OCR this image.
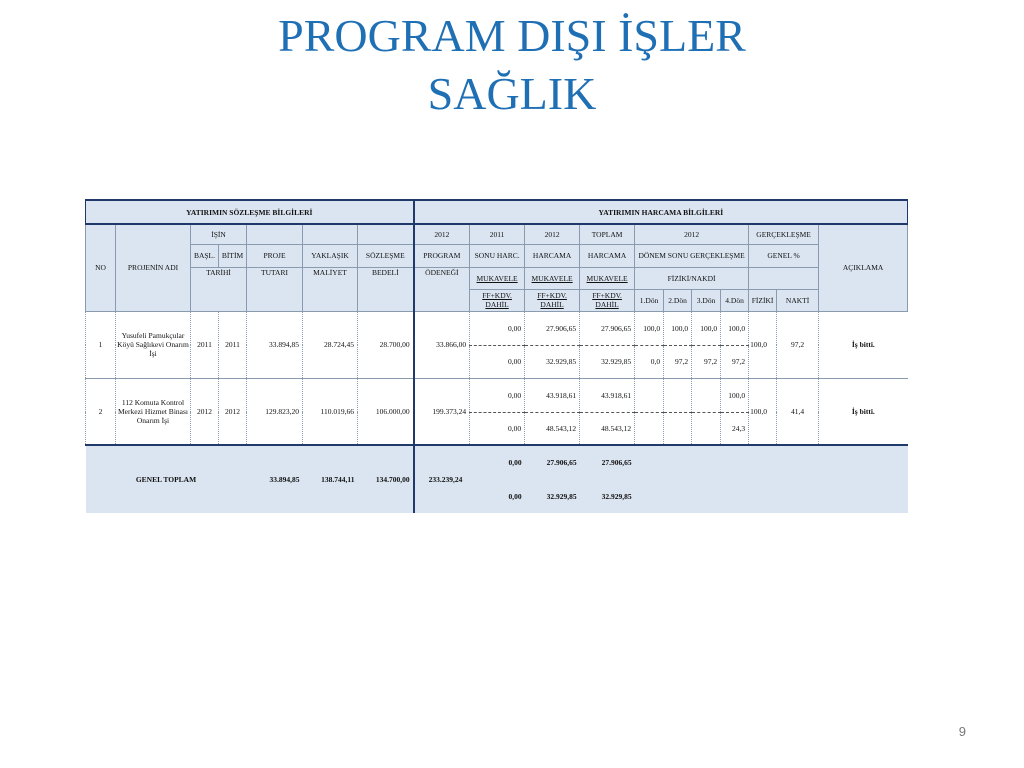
PROGRAM DIŞI İŞLER
SAĞLIK
YATIRIMIN SÖZLEŞME BİLGİLERİ							YATIRIMIN HARCAMA BİLGİLERİ										
NO	PROJENİN ADI	İŞİN					2012	2011	2012	TOPLAM	2012				GERÇEKLEŞME		AÇIKLAMA
		BAŞL.	BİTİM	PROJE	YAKLAŞIK	SÖZLEŞME	PROGRAM	SONU HARC.	HARCAMA	HARCAMA	DÖNEM SONU GERÇEKLEŞME				GENEL %		
		TARİHİ		TUTARI	MALİYET	BEDELİ	ÖDENEĞİ	MUKAVELE	MUKAVELE	MUKAVELE	FİZİKİ/NAKDİ						
								FF+KDV. DAHİL	FF+KDV. DAHİL	FF+KDV. DAHİL	1.Dön	2.Dön	3.Dön	4.Dön	FİZİKİ	NAKTİ	
1	Yusufeli Pamukçular Köyü Sağlıkevi Onarım İşi	2011	2011	33.894,85	28.724,45	28.700,00	33.866,00	0,00	27.906,65	27.906,65	100,0	100,0	100,0	100,0	100,0	97,2	İş bitti.
								0,00	32.929,85	32.929,85	0,0	97,2	97,2	97,2			
2	112 Komuta Kontrol Merkezi Hizmet Binası Onarım İşi	2012	2012	129.823,20	110.019,66	106.000,00	199.373,24	0,00	43.918,61	43.918,61				100,0	100,0	41,4	İş bitti.
								0,00	48.543,12	48.543,12				24,3			
GENEL TOPLAM				33.894,85	138.744,11	134.700,00	233.239,24	0,00	27.906,65	27.906,65							
								0,00	32.929,85	32.929,85							
9
